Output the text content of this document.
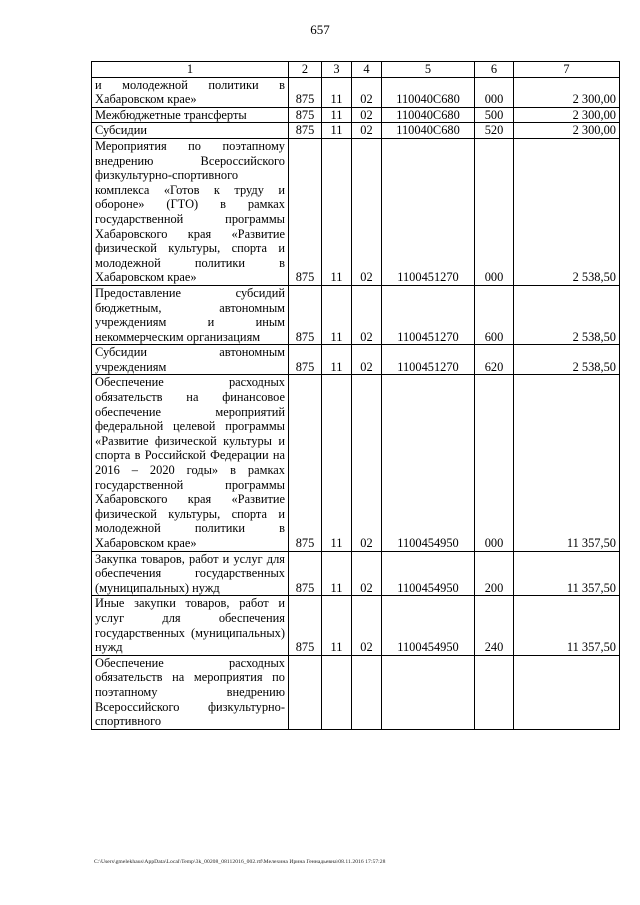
657
1	2	3	4	5	6	7
и молодежной политики в Хабаровском крае»	875	11	02	110040С680	000	2 300,00
Межбюджетные трансферты	875	11	02	110040С680	500	2 300,00
Субсидии	875	11	02	110040С680	520	2 300,00
Мероприятия по поэтапному внедрению Всероссийского физкультурно-спортивного комплекса «Готов к труду и обороне» (ГТО) в рамках государственной программы Хабаровского края «Развитие физической культуры, спорта и молодежной политики в Хабаровском крае»	875	11	02	1100451270	000	2 538,50
Предоставление субсидий бюджетным, автономным учреждениям и иным некоммерческим организациям	875	11	02	1100451270	600	2 538,50
Субсидии автономным учреждениям	875	11	02	1100451270	620	2 538,50
Обеспечение расходных обязательств на финансовое обеспечение мероприятий федеральной целевой программы «Развитие физической культуры и спорта в Российской Федерации на 2016 – 2020 годы» в рамках государственной программы Хабаровского края «Развитие физической культуры, спорта и молодежной политики в Хабаровском крае»	875	11	02	1100454950	000	11 357,50
Закупка товаров, работ и услуг для обеспечения государственных (муниципальных) нужд	875	11	02	1100454950	200	11 357,50
Иные закупки товаров, работ и услуг для обеспечения государственных (муниципальных) нужд	875	11	02	1100454950	240	11 357,50
Обеспечение расходных обязательств на мероприятия по поэтапному внедрению Всероссийского физкультурно-спортивного						
C:\Users\gmelekhaus\AppData\Local\Temp\3k_00208_08112016_002.rtf\Мелехина Ирина Геннадьевна\08.11.2016 17:57:28
